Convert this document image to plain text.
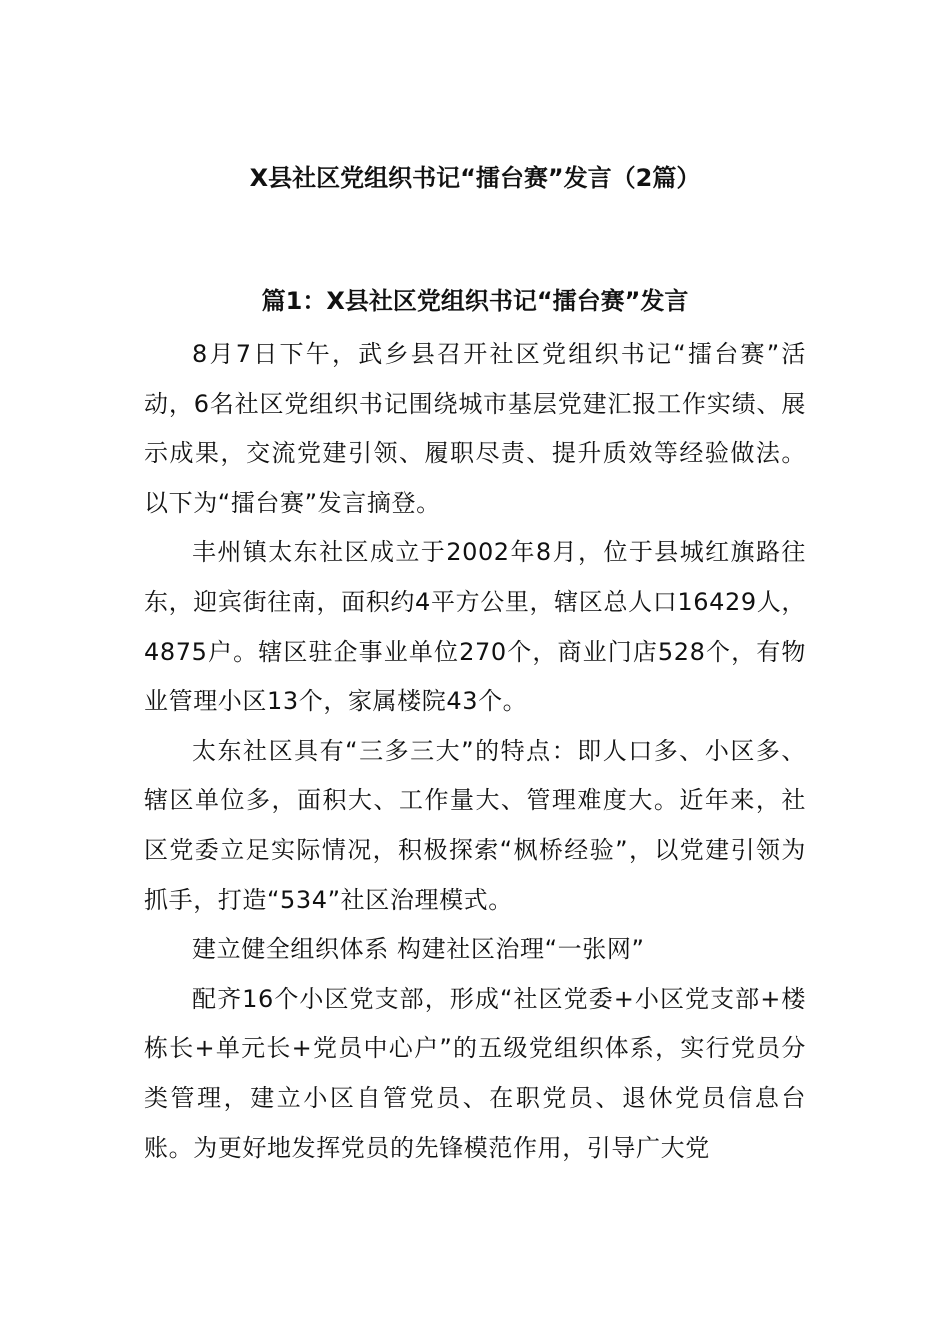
X县社区党组织书记“擂台赛”发言（2篇）
篇1：X县社区党组织书记“擂台赛”发言

8月7日下午，武乡县召开社区党组织书记“擂台赛”活动，6名社区党组织书记围绕城市基层党建汇报工作实绩、展示成果，交流党建引领、履职尽责、提升质效等经验做法。以下为“擂台赛”发言摘登。

丰州镇太东社区成立于2002年8月，位于县城红旗路往东，迎宾街往南，面积约4平方公里，辖区总人口16429人，4875户。辖区驻企事业单位270个，商业门店528个，有物业管理小区13个，家属楼院43个。

太东社区具有“三多三大”的特点：即人口多、小区多、辖区单位多，面积大、工作量大、管理难度大。近年来，社区党委立足实际情况，积极探索“枫桥经验”，以党建引领为抓手，打造“534”社区治理模式。

建立健全组织体系 构建社区治理“一张网”

配齐16个小区党支部，形成“社区党委+小区党支部+楼栋长+单元长+党员中心户”的五级党组织体系，实行党员分类管理，建立小区自管党员、在职党员、退休党员信息台账。为更好地发挥党员的先锋模范作用，引导广大党
